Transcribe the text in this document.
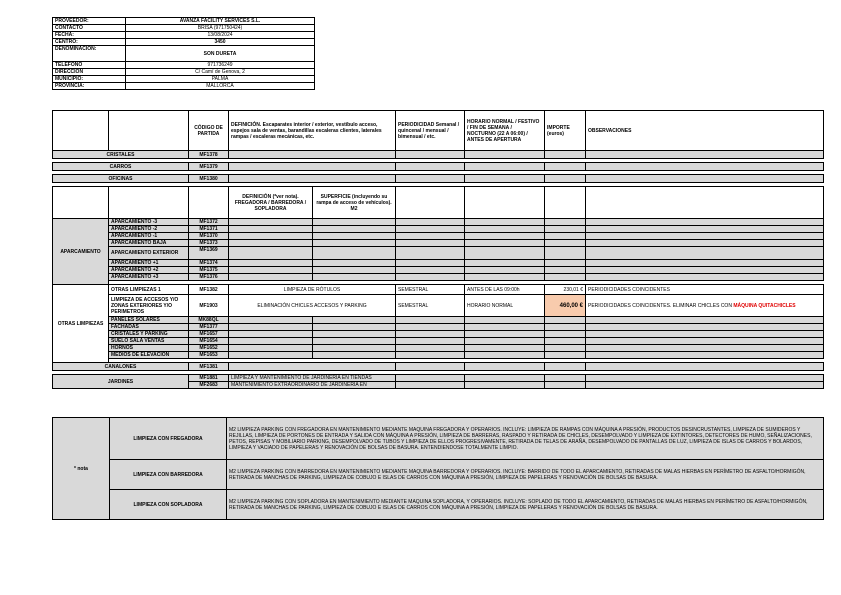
PROVEEDOR:	AVANZA FACILITY SERVICES S.L.
CONTACTO	BRISA (971750424)
FECHA:	13/08/2024
CENTRO:	3450
DENOMINACIÓN:	SON DURETA
TELÉFONO	971736249
DIRECCIÓN	C/ Camí de Genova, 2
MUNICIPIO:	PALMA
PROVINCIA:	MALLORCA
		CÓDIGO DE PARTIDA	DEFINICIÓN. Escaparates interior / exterior, vestíbulo acceso, espejos sala de ventas, barandillas escaleras clientes, laterales rampas / escaleras mecánicas, etc.		PERIODICIDAD Semanal / quincenal / mensual / bimensual / etc.	HORARIO NORMAL / FESTIVO / FIN DE SEMANA / NOCTURNO (22 A 06:00) / ANTES DE APERTURA	IMPORTE (euros)	OBSERVACIONES
CRISTALES		MF1378						

CARROS		MF1379						

OFICINAS		MF1380						

			DEFINICIÓN (*ver nota). FREGADORA / BARREDORA / SOPLADORA	SUPERFICIE (incluyendo su rampa de acceso de vehículos). M2				
APARCAMIENTO	APARCAMIENTO -3	MF1372						
	APARCAMIENTO -2	MF1371						
	APARCAMIENTO -1	MF1370						
	APARCAMIENTO BAJA	MF1373						
	APARCAMIENTO EXTERIOR	MF1369						
	APARCAMIENTO +1	MF1374						
	APARCAMIENTO +2	MF1375						
	APARCAMIENTO +3	MF1376						

OTRAS LIMPIEZAS	OTRAS LIMPIEZAS 1	MF1382	LIMPIEZA DE RÓTULOS		SEMESTRAL	ANTES DE LAS 09:00h	230,01 €	PERIODICIDADES COINCIDENTES
	LIMPIEZA DE ACCESOS Y/O ZONAS EXTERIORES Y/O PERIMETROS	MF1903	ELIMINACIÓN CHICLES ACCESOS Y PARKING		SEMESTRAL	HORARIO NORMAL	460,00 €	PERIODICIDADES COINCIDENTES. ELIMINAR CHICLES CON MÁQUINA QUITACHICLES
	PANELES SOLARES	MK88QL						
	FACHADAS	MF1377						
	CRISTALES Y PARKING	MF1657						
	SUELO SALA VENTAS	MF1654						
	HORNOS	MF1652						
	MEDIOS DE ELEVACIÓN	MF1653						

CANALONES		MF1381						

JARDINES		MF1881	LIMPIEZA Y MANTENIMIENTO DE JARDINERIA EN TIENDAS					
		MF2683	MANTENIMIENTO EXTRAORDINARIO DE JARDINERIA EN					
* nota	LIMPIEZA CON FREGADORA	M2 LIMPIEZA PARKING CON FREGADORA EN MANTENIMIENTO MEDIANTE MAQUINA FREGADORA Y OPERARIOS. INCLUYE: LIMPIEZA DE RAMPAS CON MÁQUINA A PRESIÓN, PRODUCTOS DESINCRUSTANTES, LIMPIEZA DE SUMIDEROS Y REJILLAS, LIMPIEZA DE PORTONES DE ENTRADA Y SALIDA CON MÁQUINA A PRESIÓN, LIMPIEZA DE BARRERAS, RASPADO Y RETIRADA DE CHICLES, DESEMPOLVADO Y LIMPIEZA DE EXTINTORES, DETECTORES DE HUMO, SEÑALIZACIONES, PETOS, REPISAS Y MOBILIARIO PARKING, DESEMPOLVADO DE TUBOS Y LIMPIEZA DE ELLOS PROGRESIVAMENTE, RETIRADA DE TELAS DE ARAÑA, DESEMPOLVADO DE PANTALLAS DE LUZ, LIMPIEZA DE ISLAS DE CARROS Y BOLARDOS, LIMPIEZA Y VACIADO DE PAPELERAS Y RENOVACIÓN DE BOLSAS DE BASURA. ENTENDIENDOSE TOTALMENTE LIMPIO.
	LIMPIEZA CON BARREDORA	M2 LIMPIEZA PARKING CON BARREDORA EN MANTENIMIENTO MEDIANTE MAQUINA BARREDORA Y OPERARIOS. INCLUYE: BARRIDO DE TODO EL APARCAMIENTO, RETIRADAS DE MALAS HIERBAS EN PERÍMETRO DE ASFALTO/HORMIGÓN, RETIRADA DE MANCHAS DE PARKING, LIMPIEZA DE COBUJO E ISLAS DE CARROS CON MÁQUINA A PRESIÓN, LIMPIEZA DE PAPELERAS Y RENOVACIÓN DE BOLSAS DE BASURA.
	LIMPIEZA CON SOPLADORA	M2 LIMPIEZA PARKING CON SOPLADORA EN MANTENIMIENTO MEDIANTE MAQUINA SOPLADORA, Y OPERARIOS. INCLUYE: SOPLADO DE TODO EL APARCAMIENTO, RETIRADAS DE MALAS HIERBAS EN PERÍMETRO DE ASFALTO/HORMIGÓN, RETIRADA DE MANCHAS DE PARKING, LIMPIEZA DE COBUJO E ISLAS DE CARROS CON MÁQUINA A PRESIÓN, LIMPIEZA DE PAPELERAS Y RENOVACIÓN DE BOLSAS DE BASURA.
